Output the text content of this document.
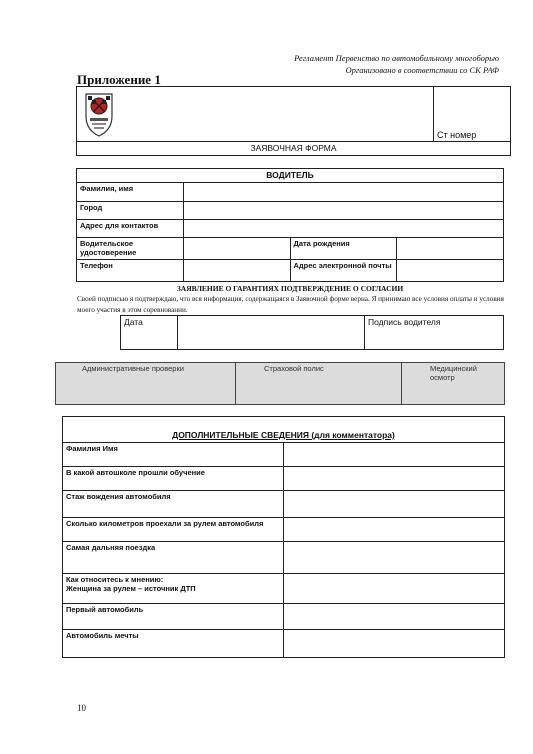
Регламент Первенство по автомобильному многоборью
Организовано в соответствии со СК РАФ
Приложение 1
	Ст номер
ЗАЯВОЧНАЯ ФОРМА
ВОДИТЕЛЬ			
Фамилия, имя			
Город			
Адрес для контактов			
Водительское удостоверение		Дата рождения	
Телефон		Адрес электронной почты	
ЗАЯВЛЕНИЕ О ГАРАНТИЯХ ПОДТВЕРЖДЕНИЕ О СОГЛАСИИ
Своей подписью я подтверждаю, что вся информация, содержащаяся в Заявочной форме верна. Я принимаю все условия оплаты и условия моего участия в этом соревновании.
Дата		Подпись водителя
Административные проверки	Страховой полис	Медицинский осмотр
ДОПОЛНИТЕЛЬНЫЕ СВЕДЕНИЯ (для комментатора)	
Фамилия Имя	
В какой автошколе прошли обучение	
Стаж вождения автомобиля	
Сколько километров проехали за рулем автомобиля	
Самая дальняя поездка	
Как относитесь к мнению:
Женщина за рулем – источник ДТП	
Первый автомобиль	
Автомобиль мечты	
10
